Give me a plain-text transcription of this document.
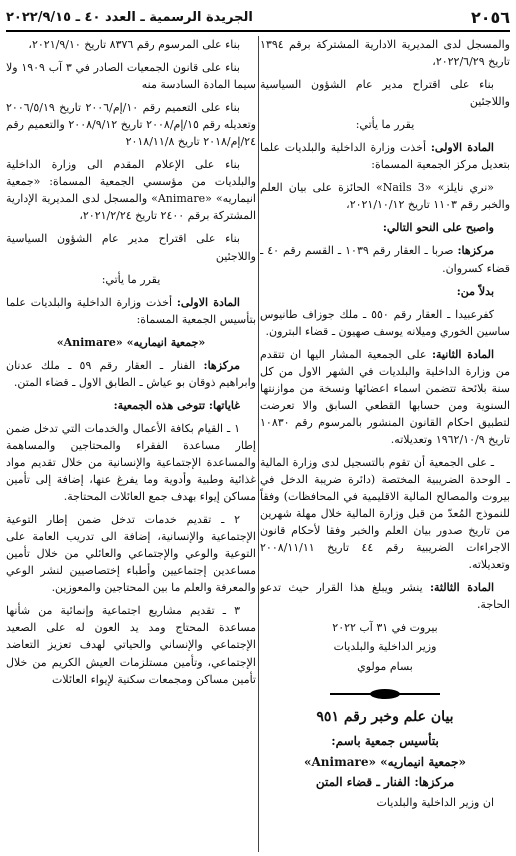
٢٠٥٦
الجريدة الرسمية ـ العدد ٤٠ ـ ٢٠٢٢/٩/١٥

والمسجل لدى المديرية الادارية المشتركة برقم ١٣٩٤ تاريخ ٢٠٢٢/٦/٢٩،

بناء على اقتراح مدير عام الشؤون السياسية واللاجئين

يقرر ما يأتي:

المادة الاولى: أخذت وزارة الداخلية والبلديات علما بتعديل مركز الجمعية المسماة:

«نري نايلز» «3 Nails» الحائزة على بيان العلم والخبر رقم ١١٠٣ تاريخ ٢٠٢١/١٠/١٢،

واصبح على النحو التالي:

مركزها: صربا ـ العقار رقم ١٠٣٩ ـ القسم رقم ٤٠ ـ قضاء كسروان.

بدلاً من:

كفرعبيدا ـ العقار رقم ٥٥٠ ـ ملك جوزاف طانيوس ساسين الخوري وميلانه يوسف صهيون ـ قضاء البترون.

المادة الثانية: على الجمعية المشار اليها ان تتقدم من وزارة الداخلية والبلديات في الشهر الاول من كل سنة بلائحة تتضمن اسماء اعضائها ونسخة من موازنتها السنوية ومن حسابها القطعي السابق والا تعرضت لتطبيق احكام القانون المنشور بالمرسوم رقم ١٠٨٣٠ تاريخ ١٩٦٢/١٠/٩ وتعديلاته.

ـ على الجمعية أن تقوم بالتسجيل لدى وزارة المالية ـ الوحدة الضريبية المختصة (دائرة ضريبة الدخل في بيروت والمصالح المالية الاقليمية في المحافظات) وفقاً للنموذج المُعدّ من قبل وزارة المالية خلال مهلة شهرين من تاريخ صدور بيان العلم والخبر وفقا لأحكام قانون الاجراءات الضريبية رقم ٤٤ تاريخ ٢٠٠٨/١١/١١ وتعديلاته.

المادة الثالثة: ينشر ويبلغ هذا القرار حيث تدعو الحاجة.

بيروت في ٣١ آب ٢٠٢٢

وزير الداخلية والبلديات

بسام مولوي

بيان علم وخبر رقم ٩٥١

بتأسيس جمعية باسم:

«جمعية انيماريه» «Animare»

مركزها: الفنار ـ قضاء المتن

ان وزير الداخلية والبلديات

بناء على المرسوم رقم ٨٣٧٦ تاريخ ٢٠٢١/٩/١٠،

بناء على قانون الجمعيات الصادر في ٣ آب ١٩٠٩ ولا سيما المادة السادسة منه

بناء على التعميم رقم ١٠/إم/٢٠٠٦ تاريخ ٢٠٠٦/٥/١٩ وتعديله رقم ١٥/إم/٢٠٠٨ تاريخ ٢٠٠٨/٩/١٢ والتعميم رقم ٢٤/إم/٢٠١٨ تاريخ ٢٠١٨/١١/٨

بناء على الإعلام المقدم الى وزارة الداخلية والبلديات من مؤسسي الجمعية المسماة: «جمعية انيماريه» «Animare» والمسجل لدى المديرية الإدارية المشتركة برقم ٢٤٠٠ تاريخ ٢٠٢١/٢/٢٤،

بناء على اقتراح مدير عام الشؤون السياسية واللاجئين

يقرر ما يأتي:

المادة الاولى: أخذت وزارة الداخلية والبلديات علما بتأسيس الجمعية المسماة:

«جمعية انيماريه» «Animare»

مركزها: الفنار ـ العقار رقم ٥٩ ـ ملك عدنان وابراهيم ذوقان بو عياش ـ الطابق الاول ـ قضاء المتن.

غاياتها: تتوخى هذه الجمعية:

١ ـ القيام بكافة الأعمال والخدمات التي تدخل ضمن إطار مساعدة الفقراء والمحتاجين والمساهمة والمساعدة الإجتماعية والإنسانية من خلال تقديم مواد غذائية وطبية وأدوية وما يفرغ عنها، إضافة إلى تأمين مساكن إيواء بهدف جمع العائلات المحتاجة.

٢ ـ تقديم خدمات تدخل ضمن إطار التوعية الإجتماعية والإنسانية، إضافة الى تدريب العامة على التوعية والوعي والإجتماعي والعائلي من خلال تأمين مساعدين إجتماعيين وأطباء إختصاصيين لنشر الوعي والمعرفة والعلم ما بين المحتاجين والمعوزين.

٣ ـ تقديم مشاريع اجتماعية وإنمائية من شأنها مساعدة المحتاج ومد يد العون له على الصعيد الإجتماعي والإنساني والحياتي لهدف تعزيز التعاضد الإجتماعي، وتأمين مستلزمات العيش الكريم من خلال تأمين مساكن ومجمعات سكنية لإيواء العائلات
